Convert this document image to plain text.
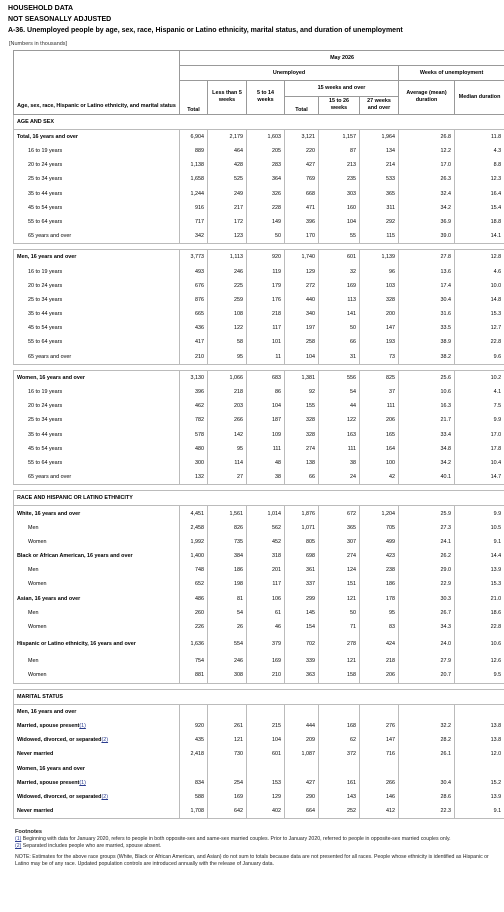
HOUSEHOLD DATA
NOT SEASONALLY ADJUSTED
A-36. Unemployed people by age, sex, race, Hispanic or Latino ethnicity, marital status, and duration of unemployment
[Numbers in thousands]
Age, sex, race, Hispanic or Latino ethnicity, and marital status	May 2026							
	Unemployed						Weeks of unemployment	
	Total	Less than 5 weeks	5 to 14 weeks	15 weeks and over			Average (mean) duration	Median duration
				Total	15 to 26 weeks	27 weeks and over		
AGE AND SEX								
Total, 16 years and over	6,904	2,179	1,603	3,121	1,157	1,964	26.8	11.8
16 to 19 years	889	464	205	220	87	134	12.2	4.3
20 to 24 years	1,138	428	283	427	213	214	17.0	8.8
25 to 34 years	1,658	525	364	769	235	533	26.3	12.3
35 to 44 years	1,244	249	326	668	303	365	32.4	16.4
45 to 54 years	916	217	228	471	160	311	34.2	15.4
55 to 64 years	717	172	149	396	104	292	36.9	18.8
65 years and over	342	123	50	170	55	115	39.0	14.1

Men, 16 years and over	3,773	1,113	920	1,740	601	1,139	27.8	12.8
16 to 19 years	493	246	119	129	32	96	13.6	4.6
20 to 24 years	676	225	179	272	169	103	17.4	10.0
25 to 34 years	876	259	176	440	113	328	30.4	14.8
35 to 44 years	665	108	218	340	141	200	31.6	15.3
45 to 54 years	436	122	117	197	50	147	33.5	12.7
55 to 64 years	417	58	101	258	66	193	38.9	22.8
65 years and over	210	95	11	104	31	73	38.2	9.6

Women, 16 years and over	3,130	1,066	683	1,381	556	825	25.6	10.2
16 to 19 years	396	218	86	92	54	37	10.6	4.1
20 to 24 years	462	203	104	155	44	111	16.3	7.5
25 to 34 years	782	266	187	328	122	206	21.7	9.9
35 to 44 years	578	142	109	328	163	165	33.4	17.0
45 to 54 years	480	95	111	274	111	164	34.8	17.8
55 to 64 years	300	114	48	138	38	100	34.2	10.4
65 years and over	132	27	38	66	24	42	40.1	14.7

RACE AND HISPANIC OR LATINO ETHNICITY								
White, 16 years and over	4,451	1,561	1,014	1,876	672	1,204	25.9	9.9
Men	2,458	826	562	1,071	365	705	27.3	10.5
Women	1,992	735	452	805	307	499	24.1	9.1
Black or African American, 16 years and over	1,400	384	318	698	274	423	26.2	14.4
Men	748	186	201	361	124	238	29.0	13.9
Women	652	198	117	337	151	186	22.9	15.3
Asian, 16 years and over	486	81	106	299	121	178	30.3	21.0
Men	260	54	61	145	50	95	26.7	18.6
Women	226	26	46	154	71	83	34.3	22.8
Hispanic or Latino ethnicity, 16 years and over	1,636	554	379	702	278	424	24.0	10.6
Men	754	246	169	339	121	218	27.9	12.6
Women	881	308	210	363	158	206	20.7	9.5

MARITAL STATUS								
Men, 16 years and over								
Married, spouse present(1)	920	261	215	444	168	276	32.2	13.8
Widowed, divorced, or separated(2)	435	121	104	209	62	147	28.2	13.8
Never married	2,418	730	601	1,087	372	716	26.1	12.0
Women, 16 years and over								
Married, spouse present(1)	834	254	153	427	161	266	30.4	15.2
Widowed, divorced, or separated(2)	588	169	129	290	143	146	28.6	13.9
Never married	1,708	642	402	664	252	412	22.3	9.1
Footnotes
(1) Beginning with data for January 2020, refers to people in both opposite-sex and same-sex married couples. Prior to January 2020, referred to people in opposite-sex married couples only.
(2) Separated includes people who are married, spouse absent.
NOTE: Estimates for the above race groups (White, Black or African American, and Asian) do not sum to totals because data are not presented for all races. People whose ethnicity is identified as Hispanic or Latino may be of any race. Updated population controls are introduced annually with the release of January data.
